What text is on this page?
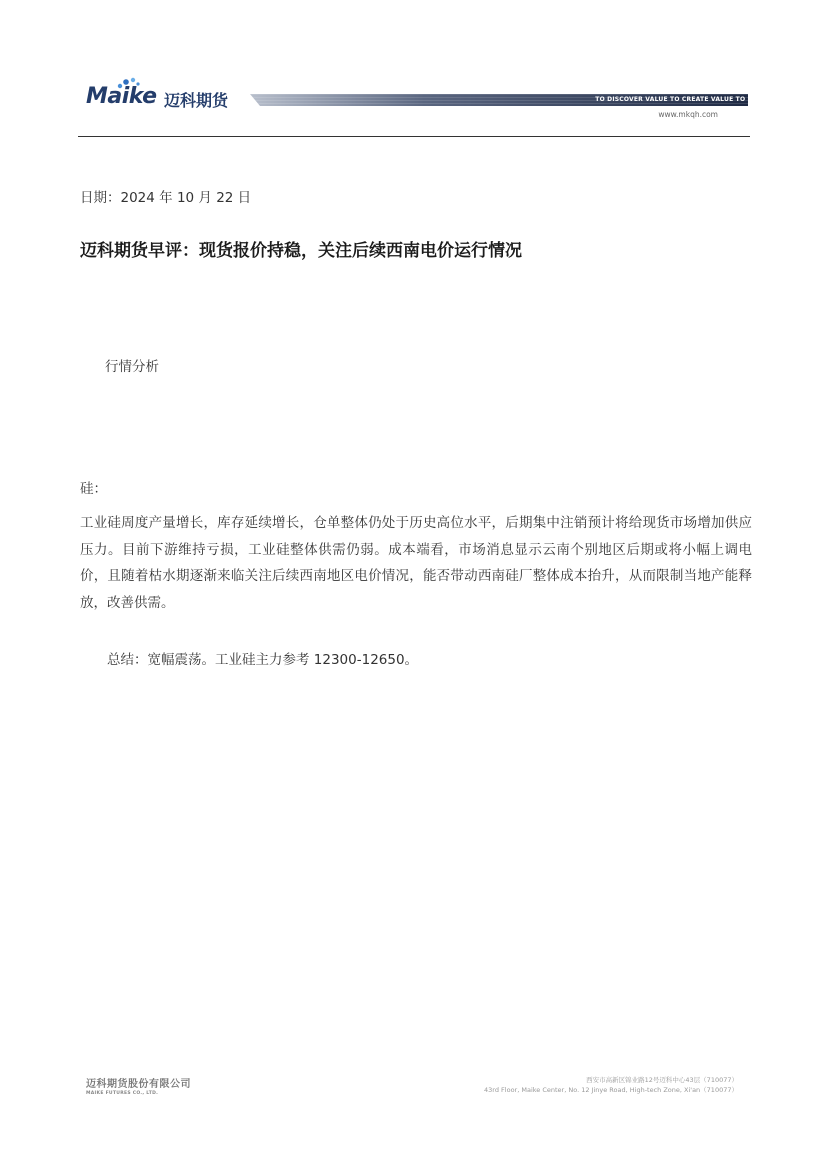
Maike 迈科期货	TO DISCOVER VALUE TO CREATE VALUE TO SHARE VALUE
www.mkqh.com
日期：2024 年 10 月 22 日
迈科期货早评：现货报价持稳，关注后续西南电价运行情况
行情分析
硅：
工业硅周度产量增长，库存延续增长，仓单整体仍处于历史高位水平，后期集中注销预计将给现货市场增加供应压力。目前下游维持亏损，工业硅整体供需仍弱。成本端看，市场消息显示云南个别地区后期或将小幅上调电价，且随着枯水期逐渐来临关注后续西南地区电价情况，能否带动西南硅厂整体成本抬升，从而限制当地产能释放，改善供需。
总结：宽幅震荡。工业硅主力参考 12300-12650。
迈科期货股份有限公司
MAIKE FUTURES CO., LTD.
西安市高新区锦业路12号迈科中心43层（710077）
43rd Floor, Maike Center, No. 12 Jinye Road, High-tech Zone, Xi'an（710077）
